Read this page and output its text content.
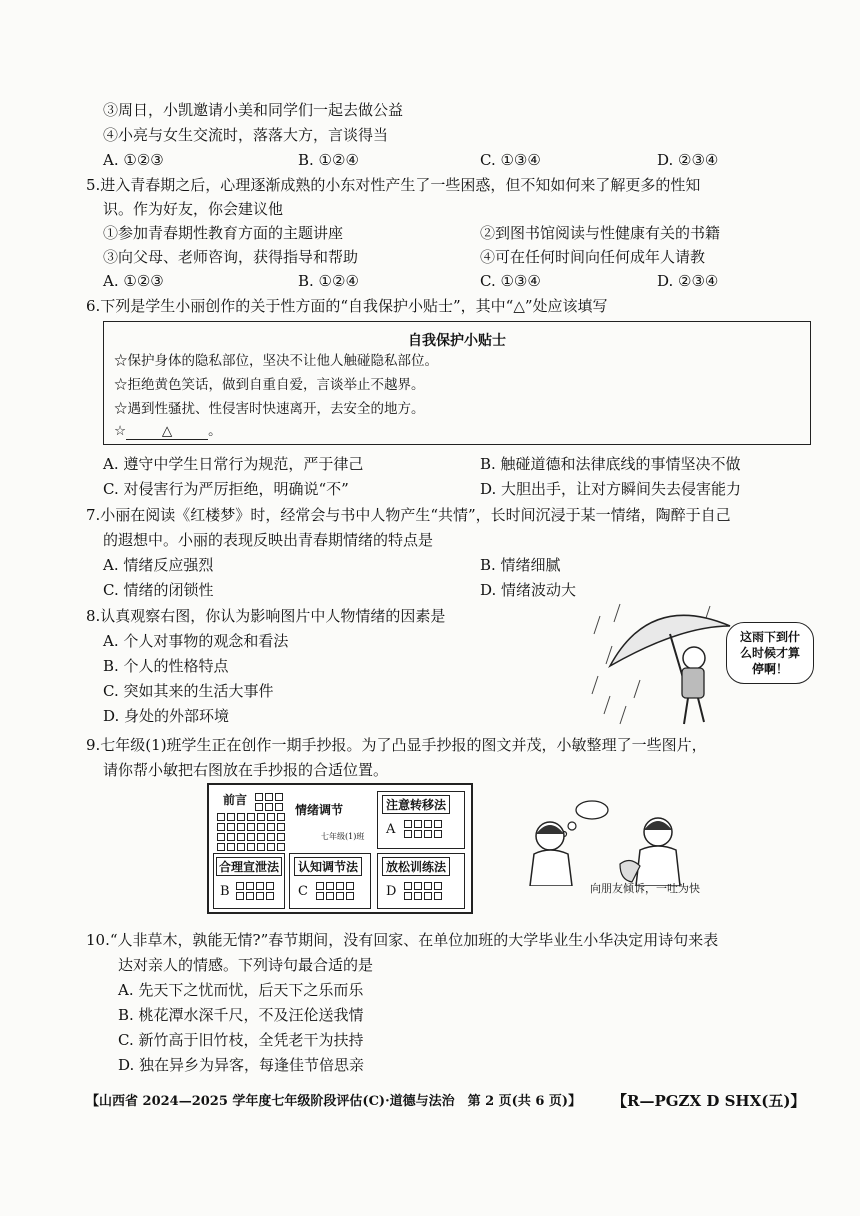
③周日，小凯邀请小美和同学们一起去做公益
④小亮与女生交流时，落落大方，言谈得当
A. ①②③	B. ①②④	C. ①③④	D. ②③④
5.进入青春期之后，心理逐渐成熟的小东对性产生了一些困惑，但不知如何来了解更多的性知
识。作为好友，你会建议他
①参加青春期性教育方面的主题讲座	②到图书馆阅读与性健康有关的书籍
③向父母、老师咨询，获得指导和帮助	④可在任何时间向任何成年人请教
A. ①②③	B. ①②④	C. ①③④	D. ②③④
6.下列是学生小丽创作的关于性方面的“自我保护小贴士”，其中“△”处应该填写
自我保护小贴士
☆保护身体的隐私部位，坚决不让他人触碰隐私部位。
☆拒绝黄色笑话，做到自重自爱，言谈举止不越界。
☆遇到性骚扰、性侵害时快速离开，去安全的地方。
☆	△	。
A. 遵守中学生日常行为规范，严于律己	B. 触碰道德和法律底线的事情坚决不做
C. 对侵害行为严厉拒绝，明确说“不”	D. 大胆出手，让对方瞬间失去侵害能力
7.小丽在阅读《红楼梦》时，经常会与书中人物产生“共情”，长时间沉浸于某一情绪，陶醉于自己
的遐想中。小丽的表现反映出青春期情绪的特点是
A. 情绪反应强烈	B. 情绪细腻
C. 情绪的闭锁性	D. 情绪波动大
8.认真观察右图，你认为影响图片中人物情绪的因素是
A. 个人对事物的观念和看法
B. 个人的性格特点
C. 突如其来的生活大事件
D. 身处的外部环境
这雨下到什
么时候才算
停啊！
9.七年级(1)班学生正在创作一期手抄报。为了凸显手抄报的图文并茂，小敏整理了一些图片，
请你帮小敏把右图放在手抄报的合适位置。
前言

情绪调节
七年级(1)班
注意转移法
A

合理宣泄法
B

认知调节法
C

放松训练法
D	向朋友倾诉，一吐为快
10.“人非草木，孰能无情?”春节期间，没有回家、在单位加班的大学毕业生小华决定用诗句来表
达对亲人的情感。下列诗句最合适的是
A. 先天下之忧而忧，后天下之乐而乐
B. 桃花潭水深千尺，不及汪伦送我情
C. 新竹高于旧竹枝，全凭老干为扶持
D. 独在异乡为异客，每逢佳节倍思亲
【山西省 2024—2025 学年度七年级阶段评估(C)·道德与法治　第 2 页(共 6 页)】 【R—PGZX D SHX(五)】
